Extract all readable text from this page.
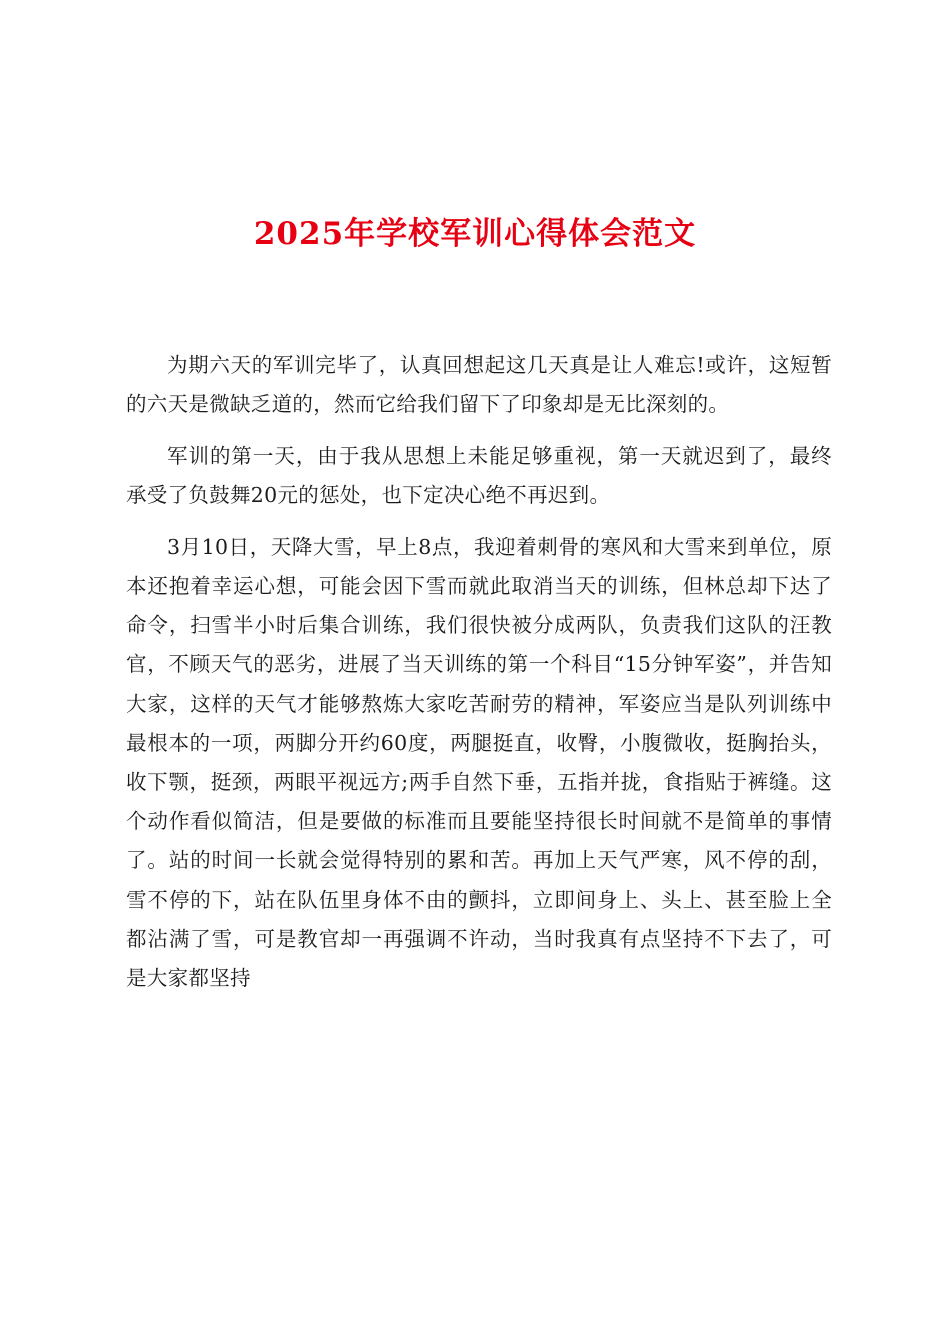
2025年学校军训心得体会范文

为期六天的军训完毕了，认真回想起这几天真是让人难忘!或许，这短暂的六天是微缺乏道的，然而它给我们留下了印象却是无比深刻的。

军训的第一天，由于我从思想上未能足够重视，第一天就迟到了，最终承受了负鼓舞20元的惩处，也下定决心绝不再迟到。

3月10日，天降大雪，早上8点，我迎着刺骨的寒风和大雪来到单位，原本还抱着幸运心想，可能会因下雪而就此取消当天的训练，但林总却下达了命令，扫雪半小时后集合训练，我们很快被分成两队，负责我们这队的汪教官，不顾天气的恶劣，进展了当天训练的第一个科目“15分钟军姿”，并告知大家，这样的天气才能够熬炼大家吃苦耐劳的精神，军姿应当是队列训练中最根本的一项，两脚分开约60度，两腿挺直，收臀，小腹微收，挺胸抬头，收下颚，挺颈，两眼平视远方;两手自然下垂，五指并拢，食指贴于裤缝。这个动作看似简洁，但是要做的标准而且要能坚持很长时间就不是简单的事情了。站的时间一长就会觉得特别的累和苦。再加上天气严寒，风不停的刮，雪不停的下，站在队伍里身体不由的颤抖，立即间身上、头上、甚至脸上全都沾满了雪，可是教官却一再强调不许动，当时我真有点坚持不下去了，可是大家都坚持
